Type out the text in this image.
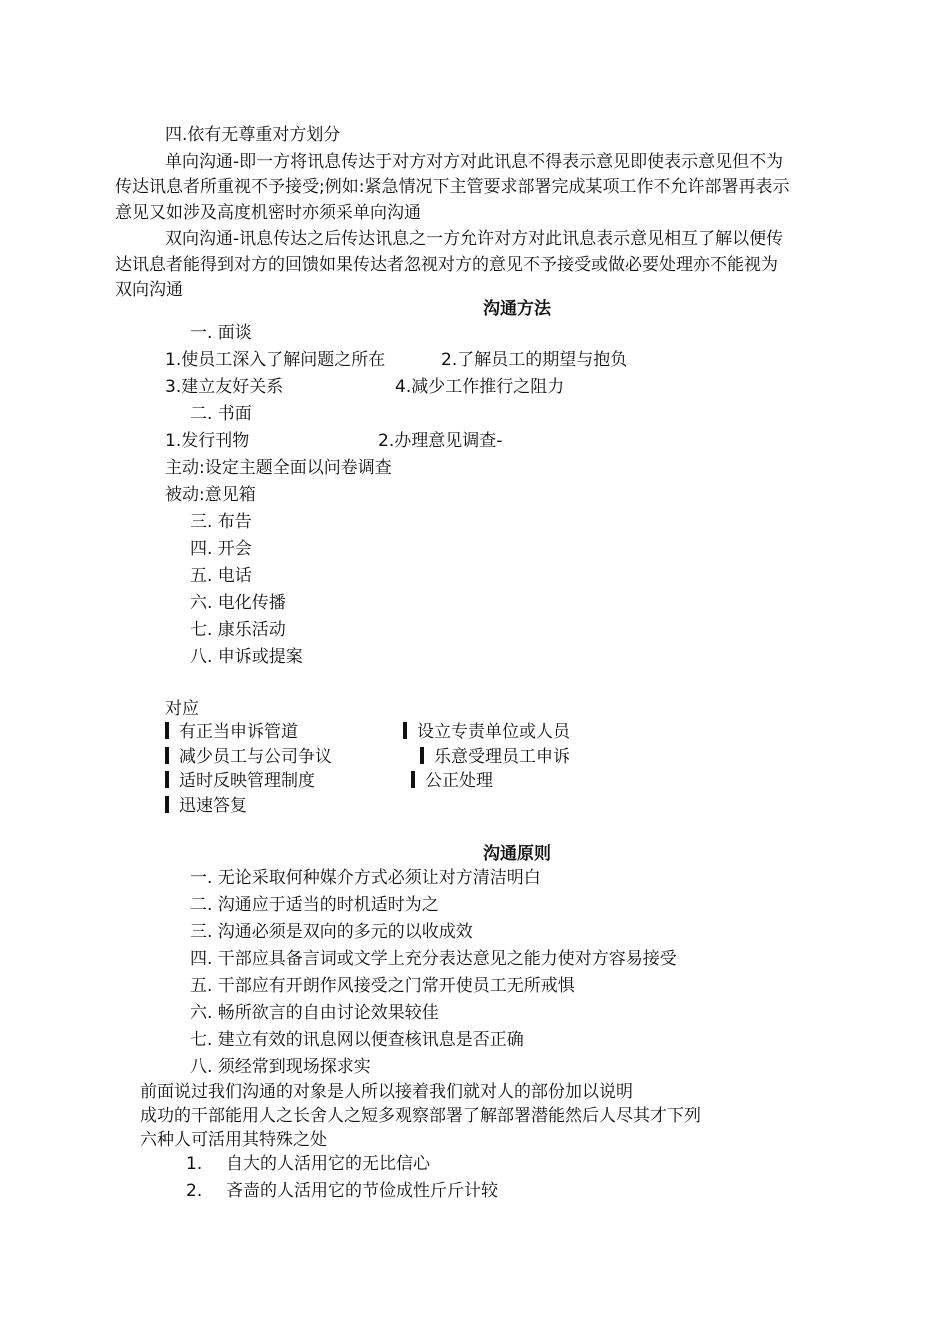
四.依有无尊重对方划分
单向沟通-即一方将讯息传达于对方对方对此讯息不得表示意见即使表示意见但不为
传达讯息者所重视不予接受;例如:紧急情况下主管要求部署完成某项工作不允许部署再表示
意见又如涉及高度机密时亦须采单向沟通
双向沟通-讯息传达之后传达讯息之一方允许对方对此讯息表示意见相互了解以便传
达讯息者能得到对方的回馈如果传达者忽视对方的意见不予接受或做必要处理亦不能视为
双向沟通
沟通方法
一. 面谈
1.使员工深入了解问题之所在	2.了解员工的期望与抱负
3.建立友好关系	4.减少工作推行之阻力
二. 书面
1.发行刊物	2.办理意见调查-
主动:设定主题全面以问卷调查
被动:意见箱
三. 布告
四. 开会
五. 电话
六. 电化传播
七. 康乐活动
八. 申诉或提案
对应
有正当申诉管道	设立专责单位或人员
减少员工与公司争议	乐意受理员工申诉
适时反映管理制度	公正处理
迅速答复
沟通原则
一. 无论采取何种媒介方式必须让对方清洁明白
二. 沟通应于适当的时机适时为之
三. 沟通必须是双向的多元的以收成效
四. 干部应具备言词或文学上充分表达意见之能力使对方容易接受
五. 干部应有开朗作风接受之门常开使员工无所戒惧
六. 畅所欲言的自由讨论效果较佳
七. 建立有效的讯息网以便查核讯息是否正确
八. 须经常到现场探求实
前面说过我们沟通的对象是人所以接着我们就对人的部份加以说明
成功的干部能用人之长舍人之短多观察部署了解部署潜能然后人尽其才下列
六种人可活用其特殊之处
1. 自大的人活用它的无比信心
2. 吝啬的人活用它的节俭成性斤斤计较
